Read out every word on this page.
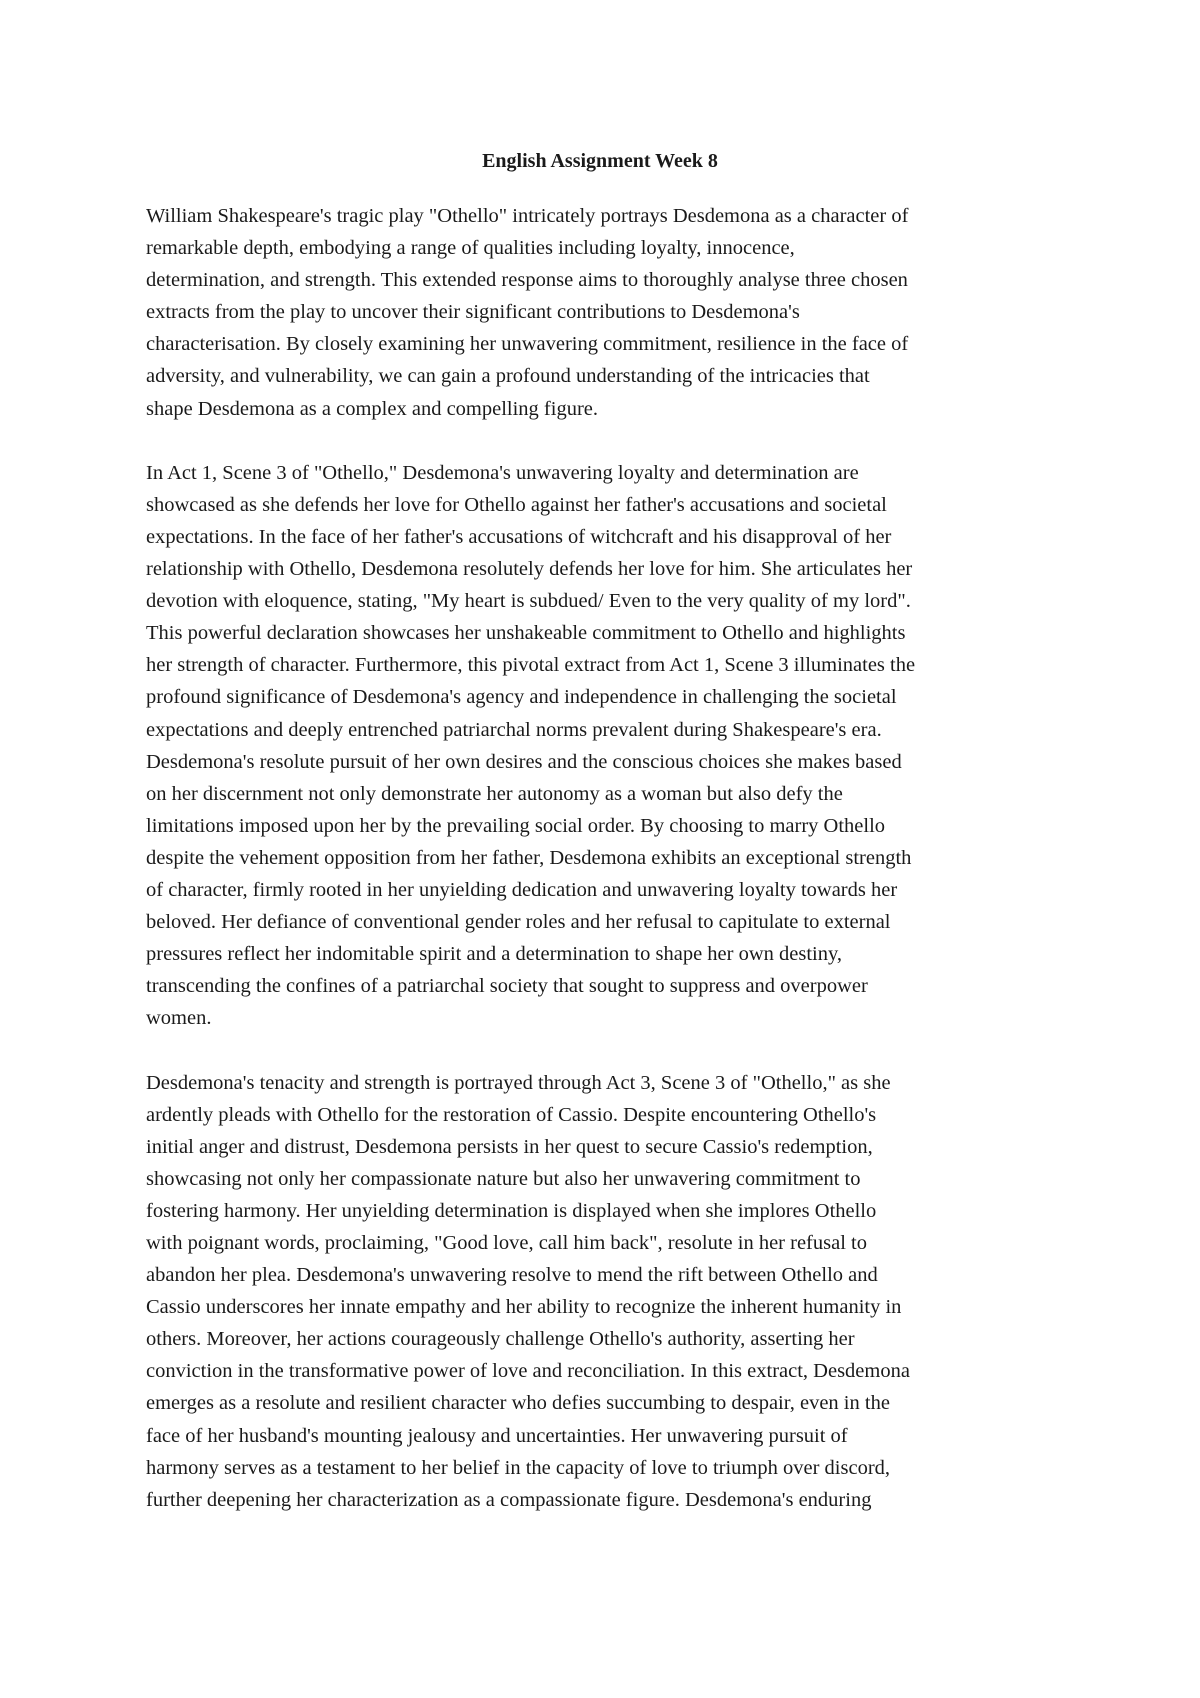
English Assignment Week 8

William Shakespeare's tragic play "Othello" intricately portrays Desdemona as a character of
remarkable depth, embodying a range of qualities including loyalty, innocence,
determination, and strength. This extended response aims to thoroughly analyse three chosen
extracts from the play to uncover their significant contributions to Desdemona's
characterisation. By closely examining her unwavering commitment, resilience in the face of
adversity, and vulnerability, we can gain a profound understanding of the intricacies that
shape Desdemona as a complex and compelling figure.

In Act 1, Scene 3 of "Othello," Desdemona's unwavering loyalty and determination are
showcased as she defends her love for Othello against her father's accusations and societal
expectations. In the face of her father's accusations of witchcraft and his disapproval of her
relationship with Othello, Desdemona resolutely defends her love for him. She articulates her
devotion with eloquence, stating, "My heart is subdued/ Even to the very quality of my lord".
This powerful declaration showcases her unshakeable commitment to Othello and highlights
her strength of character. Furthermore, this pivotal extract from Act 1, Scene 3 illuminates the
profound significance of Desdemona's agency and independence in challenging the societal
expectations and deeply entrenched patriarchal norms prevalent during Shakespeare's era.
Desdemona's resolute pursuit of her own desires and the conscious choices she makes based
on her discernment not only demonstrate her autonomy as a woman but also defy the
limitations imposed upon her by the prevailing social order. By choosing to marry Othello
despite the vehement opposition from her father, Desdemona exhibits an exceptional strength
of character, firmly rooted in her unyielding dedication and unwavering loyalty towards her
beloved. Her defiance of conventional gender roles and her refusal to capitulate to external
pressures reflect her indomitable spirit and a determination to shape her own destiny,
transcending the confines of a patriarchal society that sought to suppress and overpower
women.

Desdemona's tenacity and strength is portrayed through Act 3, Scene 3 of "Othello," as she
ardently pleads with Othello for the restoration of Cassio. Despite encountering Othello's
initial anger and distrust, Desdemona persists in her quest to secure Cassio's redemption,
showcasing not only her compassionate nature but also her unwavering commitment to
fostering harmony. Her unyielding determination is displayed when she implores Othello
with poignant words, proclaiming, "Good love, call him back", resolute in her refusal to
abandon her plea. Desdemona's unwavering resolve to mend the rift between Othello and
Cassio underscores her innate empathy and her ability to recognize the inherent humanity in
others. Moreover, her actions courageously challenge Othello's authority, asserting her
conviction in the transformative power of love and reconciliation. In this extract, Desdemona
emerges as a resolute and resilient character who defies succumbing to despair, even in the
face of her husband's mounting jealousy and uncertainties. Her unwavering pursuit of
harmony serves as a testament to her belief in the capacity of love to triumph over discord,
further deepening her characterization as a compassionate figure. Desdemona's enduring
